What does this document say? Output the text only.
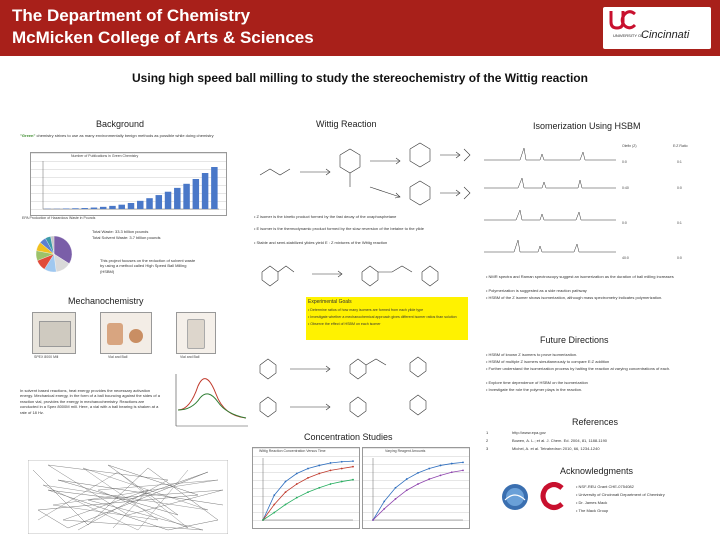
The Department of Chemistry
McMicken College of Arts & Sciences	UNIVERSITY OF
Cincinnati
Using high speed ball milling to study the stereochemistry of the Wittig reaction
Background
"Green" chemistry strives to use as many environmentally benign methods as possible while doing chemistry
Number of Publications in Green Chemistry
EPA Production of Hazardous Waste in Pounds
Total Waste: 33.3 billion pounds
Total Solvent Waste: 3.7 billion pounds
This project focuses on the reduction of solvent waste by using a method called High Speed Ball Milling (HSBM)
Mechanochemistry
SPEX 8000 Mill	Vial and Ball	Vial and Ball
In solvent based reactions, heat energy provides the necessary activation energy. Mechanical energy, in the form of a ball bouncing against the sides of a reaction vial, provides the energy in mechanochemistry. Reactions are conducted in a Spex 8000M mill. Here, a vial with a ball bearing is shaken at a rate of 18 Hz.
Wittig Reaction
• Z isomer is the kinetic product formed by the fast decay of the oxaphosphetane
• E isomer is the thermodynamic product formed by the slow reversion of the betaine to the ylide
• Stable and semi-stabilized ylides yield E : Z mixtures of the Wittig reaction
Experimental Goals
• Determine ratios of how many isomers are formed from each ylide type
• Investigate whether a mechanochemical approach gives different isomer ratios than solution
• Observe the effect of HSBM on each isomer
Concentration Studies
Wittig Reaction Concentration Versus Time	Varying Reagent Amounts
Isomerization Using HSBM
Olefin (Z)	E:Z Ratio
0:0	0:1
0:40	0:0
0:0	0:1
40:0	0:0
• NMR spectra and Raman spectroscopy suggest an isomerization as the duration of ball milling increases
• Polymerization is suggested as a side reaction pathway
• HSBM of the Z isomer shows isomerization, although mass spectrometry indicates polymerization.
Future Directions
• HSBM of known Z isomers to prove isomerization.
• HSBM of multiple Z isomers simultaneously to compare E:Z addition
• Further understand the isomerization process by halting the reaction at varying concentrations of each.
• Explore time dependence of HSBM on the isomerization
• Investigate the role the polymer plays in the reaction.
References
1	http://www.epa.gov
2	Bowen, A. L.; et al. J. Chem. Ed. 2004, 81, 1188-1190
3	Michel, A. et al. Tetrahedron 2010, 66, 1234-1240
Acknowledgments
• NSF-REU Grant CHE-0754082
• University of Cincinnati Department of Chemistry
• Dr. James Mack
• The Mack Group
